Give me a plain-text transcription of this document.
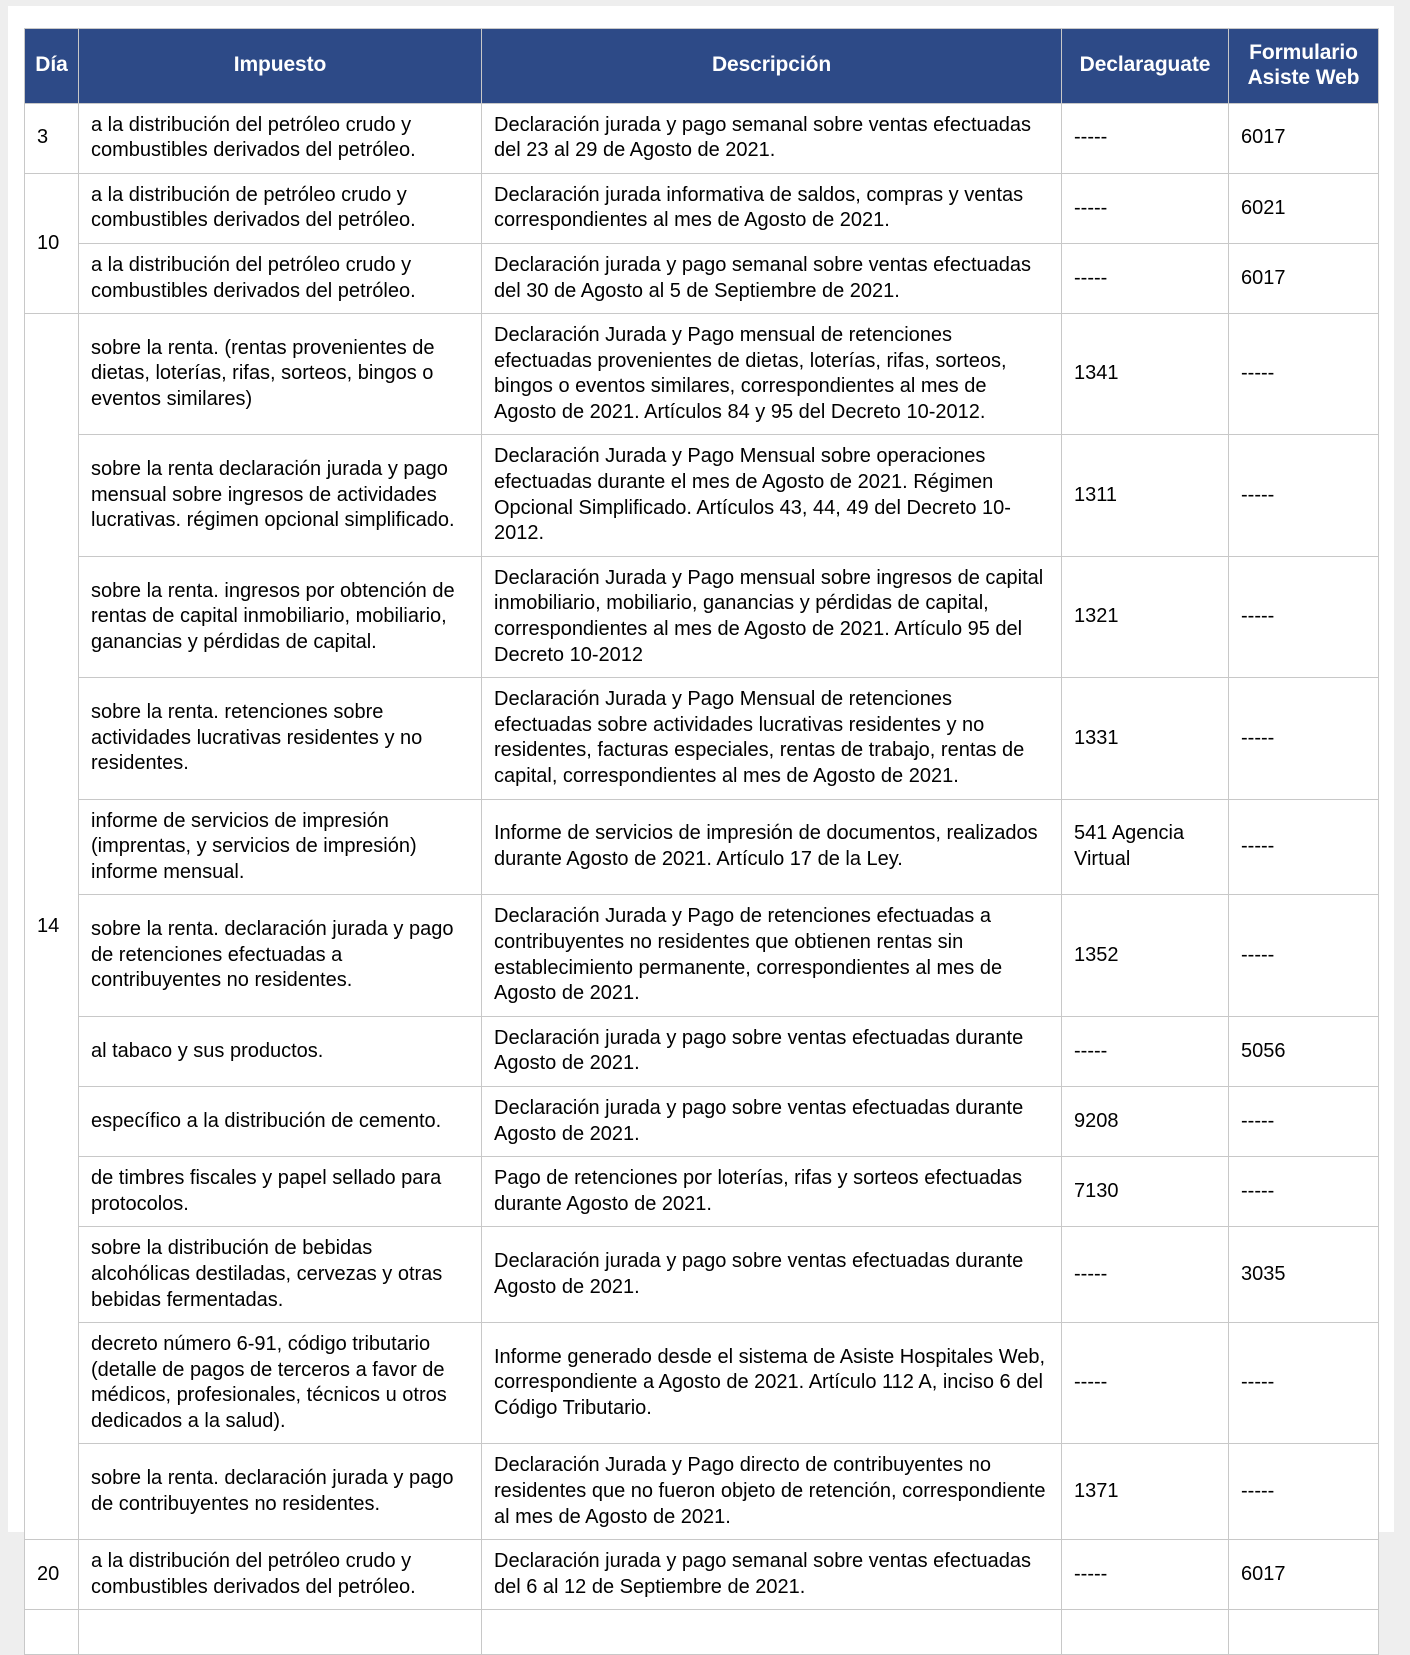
Día	Impuesto	Descripción	Declaraguate	Formulario Asiste Web
3	a la distribución del petróleo crudo y combustibles derivados del petróleo.	Declaración jurada y pago semanal sobre ventas efectuadas del 23 al 29 de Agosto de 2021.	-----	6017
10	a la distribución de petróleo crudo y combustibles derivados del petróleo.	Declaración jurada informativa de saldos, compras y ventas correspondientes al mes de Agosto de 2021.	-----	6021
	a la distribución del petróleo crudo y combustibles derivados del petróleo.	Declaración jurada y pago semanal sobre ventas efectuadas del 30 de Agosto al 5 de Septiembre de 2021.	-----	6017
14	sobre la renta. (rentas provenientes de dietas, loterías, rifas, sorteos, bingos o eventos similares)	Declaración Jurada y Pago mensual de retenciones efectuadas provenientes de dietas, loterías, rifas, sorteos, bingos o eventos similares, correspondientes al mes de Agosto de 2021. Artículos 84 y 95 del Decreto 10-2012.	1341	-----
	sobre la renta declaración jurada y pago mensual sobre ingresos de actividades lucrativas. régimen opcional simplificado.	Declaración Jurada y Pago Mensual sobre operaciones efectuadas durante el mes de Agosto de 2021. Régimen Opcional Simplificado. Artículos 43, 44, 49 del Decreto 10-2012.	1311	-----
	sobre la renta. ingresos por obtención de rentas de capital inmobiliario, mobiliario, ganancias y pérdidas de capital.	Declaración Jurada y Pago mensual sobre ingresos de capital inmobiliario, mobiliario, ganancias y pérdidas de capital, correspondientes al mes de Agosto de 2021. Artículo 95 del Decreto 10-2012	1321	-----
	sobre la renta. retenciones sobre actividades lucrativas residentes y no residentes.	Declaración Jurada y Pago Mensual de retenciones efectuadas sobre actividades lucrativas residentes y no residentes, facturas especiales, rentas de trabajo, rentas de capital, correspondientes al mes de Agosto de 2021.	1331	-----
	informe de servicios de impresión (imprentas, y servicios de impresión) informe mensual.	Informe de servicios de impresión de documentos, realizados durante Agosto de 2021. Artículo 17 de la Ley.	541 Agencia Virtual	-----
	sobre la renta. declaración jurada y pago de retenciones efectuadas a contribuyentes no residentes.	Declaración Jurada y Pago de retenciones efectuadas a contribuyentes no residentes que obtienen rentas sin establecimiento permanente, correspondientes al mes de Agosto de 2021.	1352	-----
	al tabaco y sus productos.	Declaración jurada y pago sobre ventas efectuadas durante Agosto de 2021.	-----	5056
	específico a la distribución de cemento.	Declaración jurada y pago sobre ventas efectuadas durante Agosto de 2021.	9208	-----
	de timbres fiscales y papel sellado para protocolos.	Pago de retenciones por loterías, rifas y sorteos efectuadas durante Agosto de 2021.	7130	-----
	sobre la distribución de bebidas alcohólicas destiladas, cervezas y otras bebidas fermentadas.	Declaración jurada y pago sobre ventas efectuadas durante Agosto de 2021.	-----	3035
	decreto número 6-91, código tributario (detalle de pagos de terceros a favor de médicos, profesionales, técnicos u otros dedicados a la salud).	Informe generado desde el sistema de Asiste Hospitales Web, correspondiente a Agosto de 2021. Artículo 112 A, inciso 6 del Código Tributario.	-----	-----
	sobre la renta. declaración jurada y pago de contribuyentes no residentes.	Declaración Jurada y Pago directo de contribuyentes no residentes que no fueron objeto de retención, correspondiente al mes de Agosto de 2021.	1371	-----
20	a la distribución del petróleo crudo y combustibles derivados del petróleo.	Declaración jurada y pago semanal sobre ventas efectuadas del 6 al 12 de Septiembre de 2021.	-----	6017
